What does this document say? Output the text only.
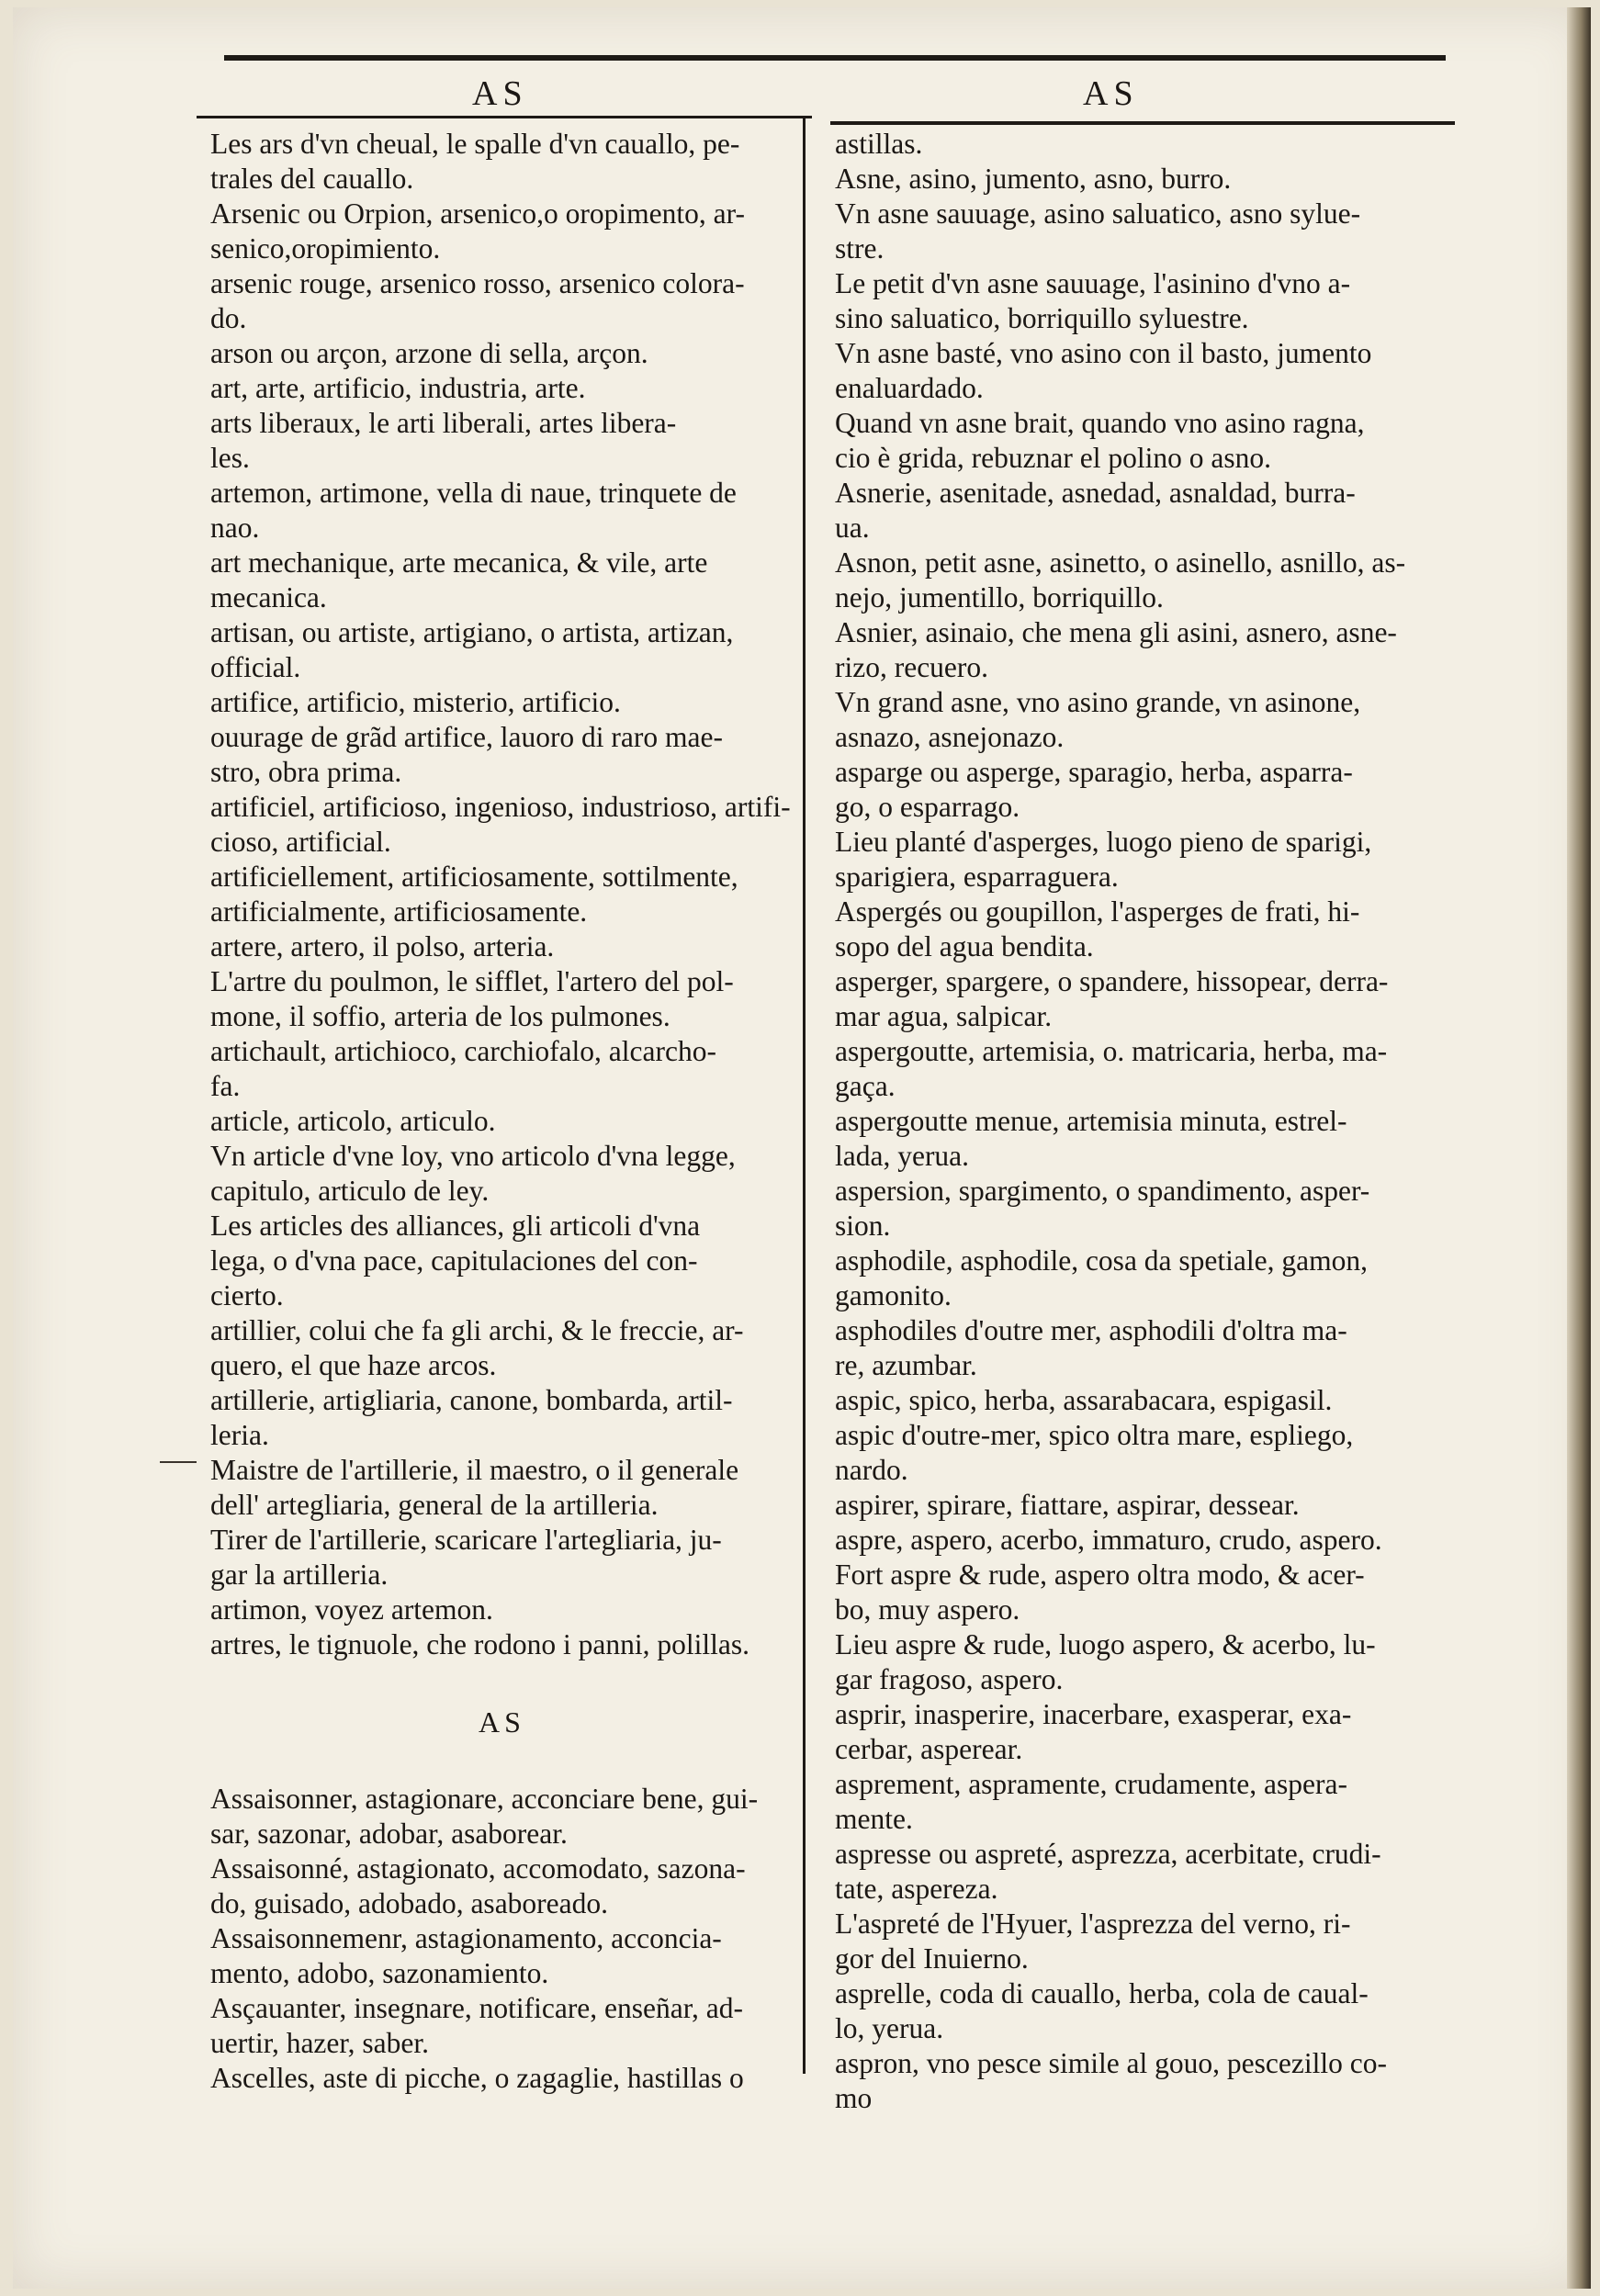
AS	AS
Les ars d'vn cheual, le spalle d'vn cauallo, pe-
trales del cauallo.
Arsenic ou Orpion, arsenico,o oropimento, ar-
senico,oropimiento.
arsenic rouge, arsenico rosso, arsenico colora-
do.
arson ou arçon, arzone di sella, arçon.
art, arte, artificio, industria, arte.
arts liberaux, le arti liberali, artes libera-
les.
artemon, artimone, vella di naue, trinquete de
nao.
art mechanique, arte mecanica, & vile, arte
mecanica.
artisan, ou artiste, artigiano, o artista, artizan,
official.
artifice, artificio, misterio, artificio.
ouurage de grãd artifice, lauoro di raro mae-
stro, obra prima.
artificiel, artificioso, ingenioso, industrioso, artifi-
cioso, artificial.
artificiellement, artificiosamente, sottilmente,
artificialmente, artificiosamente.
artere, artero, il polso, arteria.
L'artre du poulmon, le sifflet, l'artero del pol-
mone, il soffio, arteria de los pulmones.
artichault, artichioco, carchiofalo, alcarcho-
fa.
article, articolo, articulo.
Vn article d'vne loy, vno articolo d'vna legge,
capitulo, articulo de ley.
Les articles des alliances, gli articoli d'vna
lega, o d'vna pace, capitulaciones del con-
cierto.
artillier, colui che fa gli archi, & le freccie, ar-
quero, el que haze arcos.
artillerie, artigliaria, canone, bombarda, artil-
leria.
Maistre de l'artillerie, il maestro, o il generale
dell' artegliaria, general de la artilleria.
Tirer de l'artillerie, scaricare l'artegliaria, ju-
gar la artilleria.
artimon, voyez artemon.
artres, le tignuole, che rodono i panni, polillas.
AS
Assaisonner, astagionare, acconciare bene, gui-
sar, sazonar, adobar, asaborear.
Assaisonné, astagionato, accomodato, sazona-
do, guisado, adobado, asaboreado.
Assaisonnemenr, astagionamento, acconcia-
mento, adobo, sazonamiento.
Asçauanter, insegnare, notificare, enseñar, ad-
uertir, hazer, saber.
Ascelles, aste di picche, o zagaglie, hastillas o
astillas.
Asne, asino, jumento, asno, burro.
Vn asne sauuage, asino saluatico, asno sylue-
stre.
Le petit d'vn asne sauuage, l'asinino d'vno a-
sino saluatico, borriquillo syluestre.
Vn asne basté, vno asino con il basto, jumento
enaluardado.
Quand vn asne brait, quando vno asino ragna,
cio è grida, rebuznar el polino o asno.
Asnerie, asenitade, asnedad, asnaldad, burra-
ua.
Asnon, petit asne, asinetto, o asinello, asnillo, as-
nejo, jumentillo, borriquillo.
Asnier, asinaio, che mena gli asini, asnero, asne-
rizo, recuero.
Vn grand asne, vno asino grande, vn asinone,
asnazo, asnejonazo.
asparge ou asperge, sparagio, herba, asparra-
go, o esparrago.
Lieu planté d'asperges, luogo pieno de sparigi,
sparigiera, esparraguera.
Aspergés ou goupillon, l'asperges de frati, hi-
sopo del agua bendita.
asperger, spargere, o spandere, hissopear, derra-
mar agua, salpicar.
aspergoutte, artemisia, o. matricaria, herba, ma-
gaça.
aspergoutte menue, artemisia minuta, estrel-
lada, yerua.
aspersion, spargimento, o spandimento, asper-
sion.
asphodile, asphodile, cosa da spetiale, gamon,
gamonito.
asphodiles d'outre mer, asphodili d'oltra ma-
re, azumbar.
aspic, spico, herba, assarabacara, espigasil.
aspic d'outre-mer, spico oltra mare, espliego,
nardo.
aspirer, spirare, fiattare, aspirar, dessear.
aspre, aspero, acerbo, immaturo, crudo, aspero.
Fort aspre & rude, aspero oltra modo, & acer-
bo, muy aspero.
Lieu aspre & rude, luogo aspero, & acerbo, lu-
gar fragoso, aspero.
asprir, inasperire, inacerbare, exasperar, exa-
cerbar, asperear.
asprement, aspramente, crudamente, aspera-
mente.
aspresse ou aspreté, asprezza, acerbitate, crudi-
tate, aspereza.
L'aspreté de l'Hyuer, l'asprezza del verno, ri-
gor del Inuierno.
asprelle, coda di cauallo, herba, cola de caual-
lo, yerua.
aspron, vno pesce simile al gouo, pescezillo co-
mo
